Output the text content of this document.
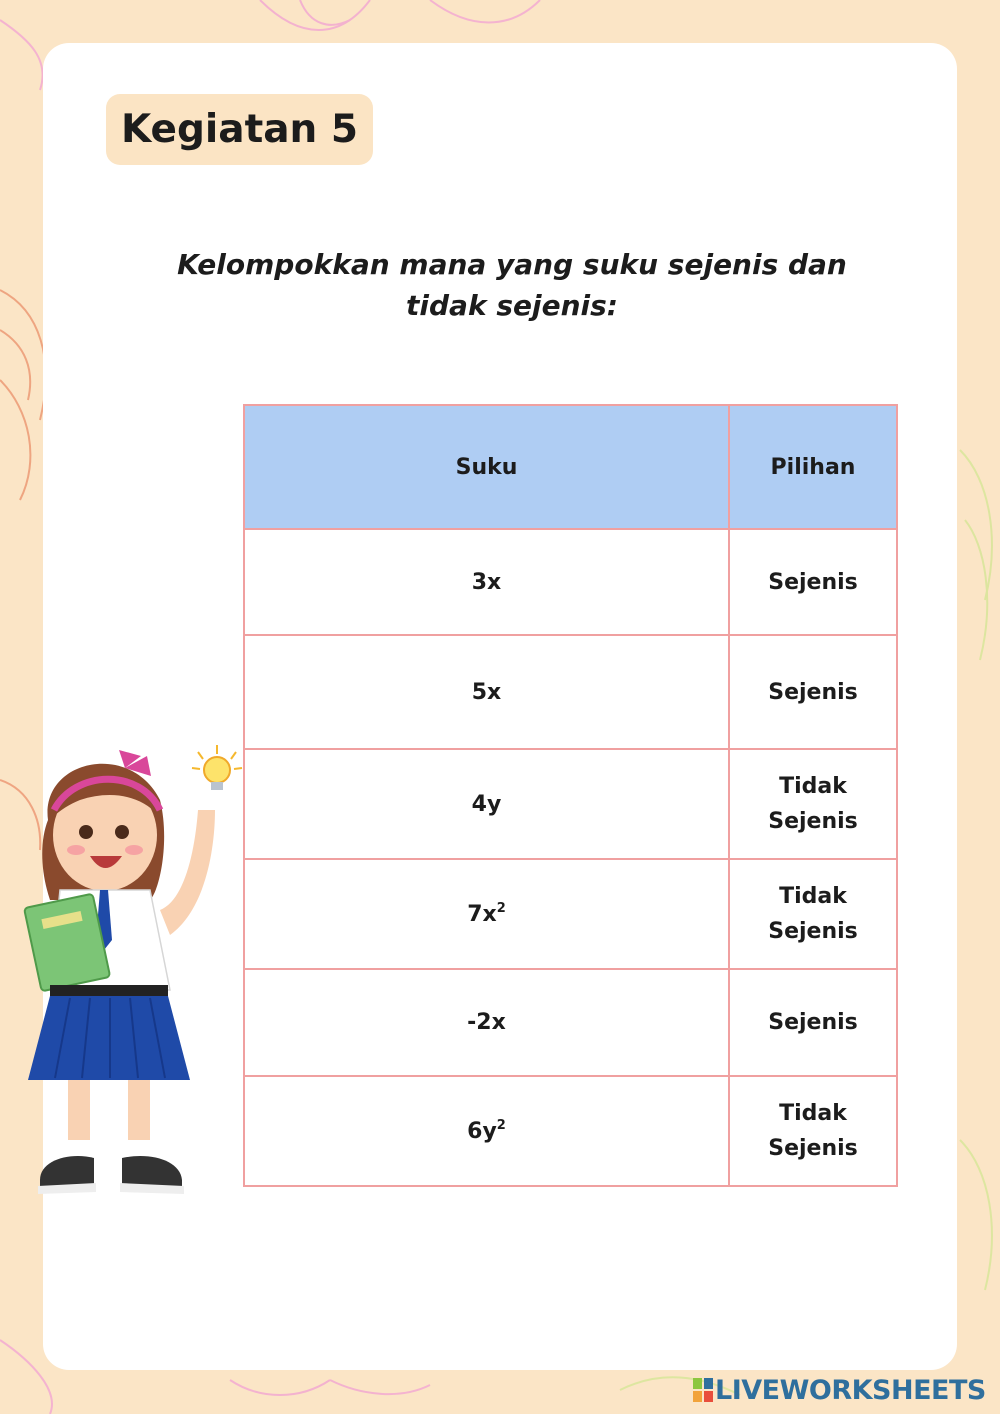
Kegiatan 5
Kelompokkan mana yang suku sejenis dan tidak sejenis:
Suku	Pilihan
3x	Sejenis
5x	Sejenis
4y	Tidak Sejenis

$7x^2$	Tidak Sejenis

-2x	Sejenis
$6y^2$	Tidak Sejenis
LIVEWORKSHEETS
